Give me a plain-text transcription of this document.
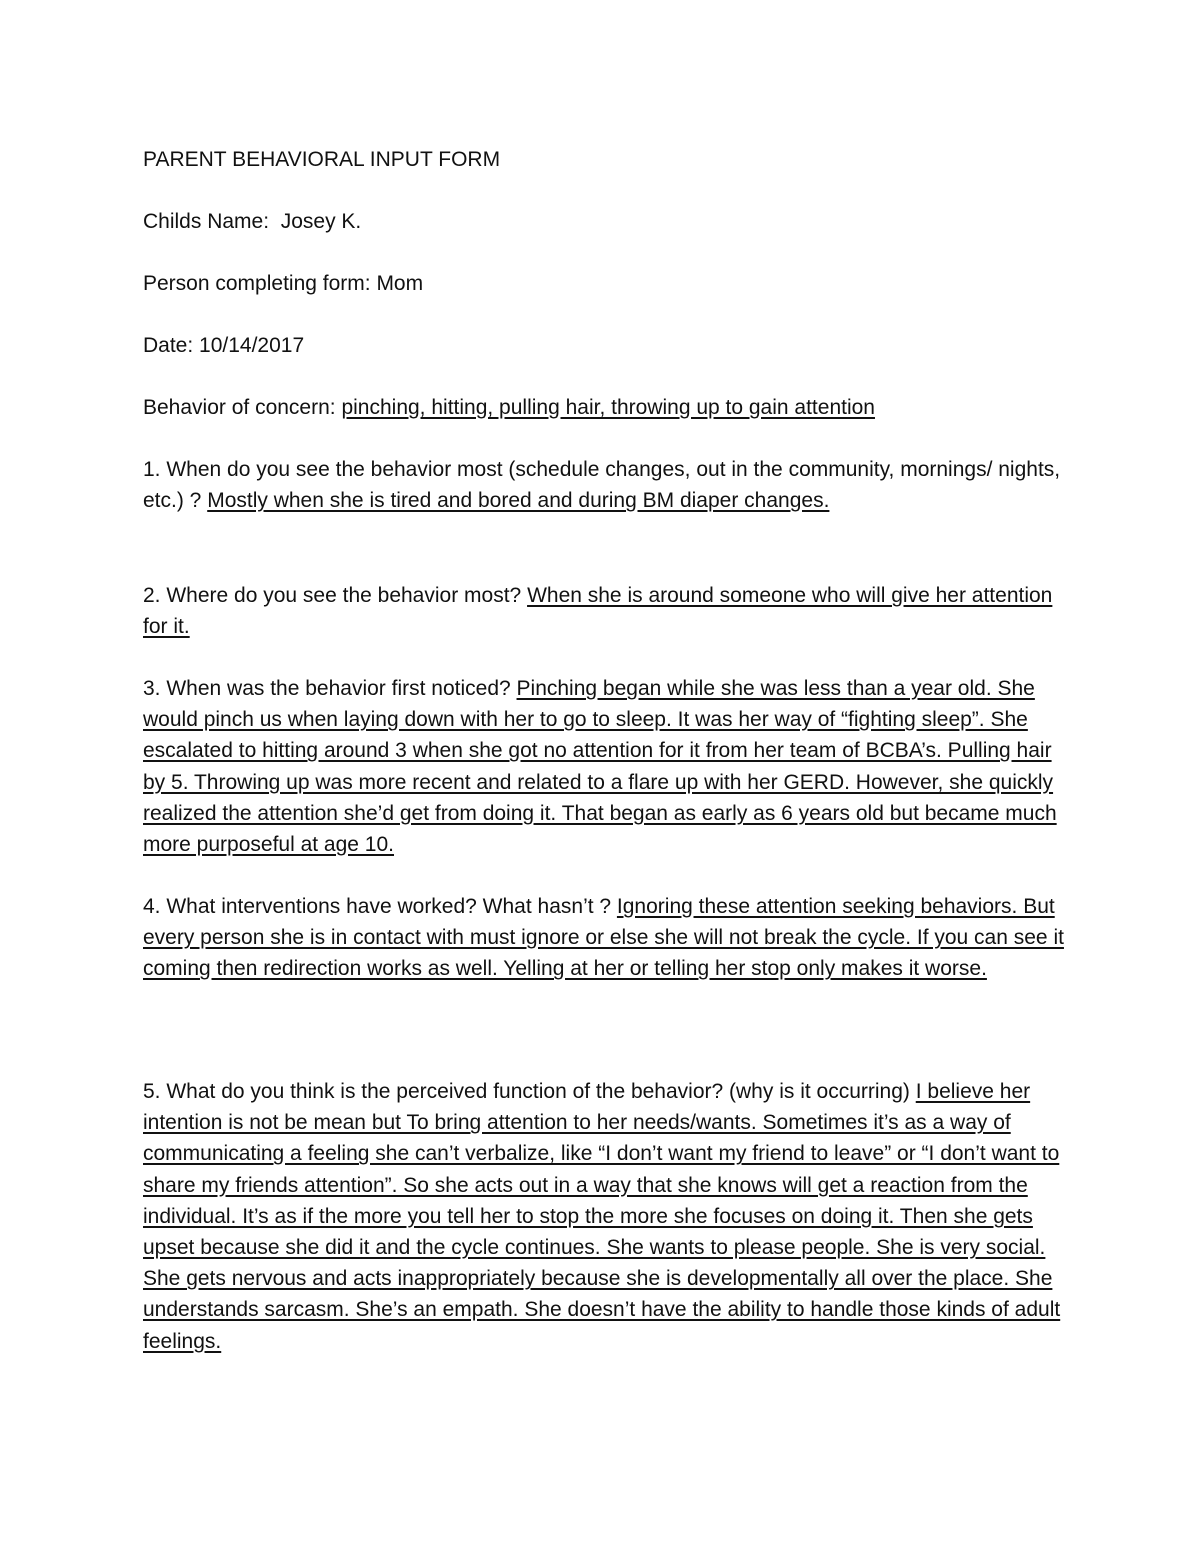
PARENT BEHAVIORAL INPUT FORM
Childs Name:  Josey K.
Person completing form: Mom
Date: 10/14/2017
Behavior of concern: pinching, hitting, pulling hair, throwing up to gain attention
1. When do you see the behavior most (schedule changes, out in the community, mornings/ nights, etc.) ? Mostly when she is tired and bored and during BM diaper changes.
2. Where do you see the behavior most? When she is around someone who will give her attention for it.
3. When was the behavior first noticed? Pinching began while she was less than a year old. She would pinch us when laying down with her to go to sleep. It was her way of “fighting sleep”. She escalated to hitting around 3 when she got no attention for it from her team of BCBA’s. Pulling hair by 5. Throwing up was more recent and related to a flare up with her GERD. However, she quickly realized the attention she’d get from doing it. That began as early as 6 years old but became much more purposeful at age 10.
4. What interventions have worked? What hasn’t ? Ignoring these attention seeking behaviors. But every person she is in contact with must ignore or else she will not break the cycle. If you can see it coming then redirection works as well. Yelling at her or telling her stop only makes it worse.
5. What do you think is the perceived function of the behavior? (why is it occurring) I believe her intention is not be mean but To bring attention to her needs/wants. Sometimes it’s as a way of communicating a feeling she can’t verbalize, like “I don’t want my friend to leave” or “I don’t want to share my friends attention”. So she acts out in a way that she knows will get a reaction from the individual. It’s as if the more you tell her to stop the more she focuses on doing it. Then she gets upset because she did it and the cycle continues. She wants to please people. She is very social. She gets nervous and acts inappropriately because she is developmentally all over the place. She understands sarcasm. She’s an empath. She doesn’t have the ability to handle those kinds of adult feelings.
